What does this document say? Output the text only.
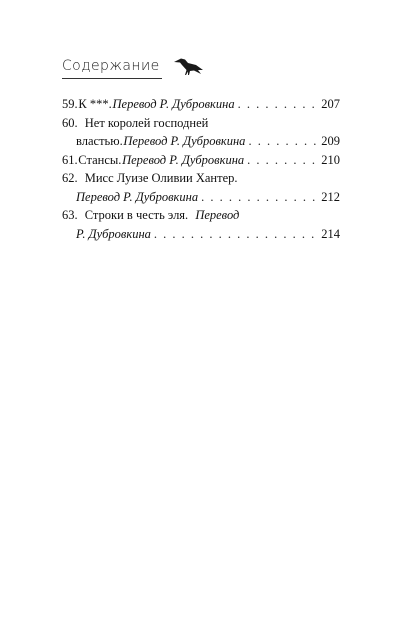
Содержание
59. К ***. Перевод Р. Дубровкина . . .	207
60. Нет королей господней
властью. Перевод Р. Дубровкина . . .	209
61. Стансы. Перевод Р. Дубровкина . . .	210
62. Мисс Луизе Оливии Хантер.
Перевод Р. Дубровкина . . .	212
63. Строки в честь эля. Перевод
Р. Дубровкина . . .	214
